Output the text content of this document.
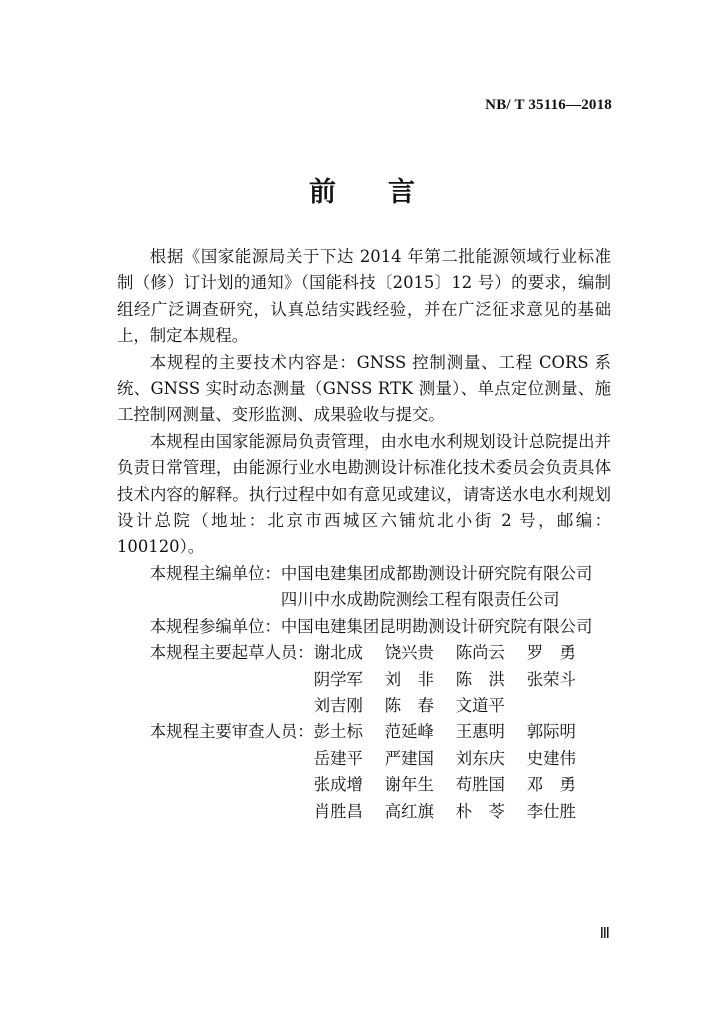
NB/ T 35116—2018
前 言

根据《国家能源局关于下达 2014 年第二批能源领域行业标准制（修）订计划的通知》（国能科技〔2015〕12 号）的要求，编制组经广泛调查研究，认真总结实践经验，并在广泛征求意见的基础上，制定本规程。

本规程的主要技术内容是：GNSS 控制测量、工程 CORS 系统、GNSS 实时动态测量（GNSS RTK 测量）、单点定位测量、施工控制网测量、变形监测、成果验收与提交。

本规程由国家能源局负责管理，由水电水利规划设计总院提出并负责日常管理，由能源行业水电勘测设计标准化技术委员会负责具体技术内容的解释。执行过程中如有意见或建议，请寄送水电水利规划设计总院（地址：北京市西城区六铺炕北小街 2 号，邮编：100120）。

本规程主编单位： 中国电建集团成都勘测设计研究院有限公司
四川中水成勘院测绘工程有限责任公司
本规程参编单位： 中国电建集团昆明勘测设计研究院有限公司
本规程主要起草人员： 谢北成	饶兴贵	陈尚云	罗　勇
阴学军	刘　非	陈　洪	张荣斗
刘吉刚	陈　春	文道平
本规程主要审查人员： 彭土标	范延峰	王惠明	郭际明
岳建平	严建国	刘东庆	史建伟
张成增	谢年生	苟胜国	邓　勇
肖胜昌	高红旗	朴　苓	李仕胜
Ⅲ
